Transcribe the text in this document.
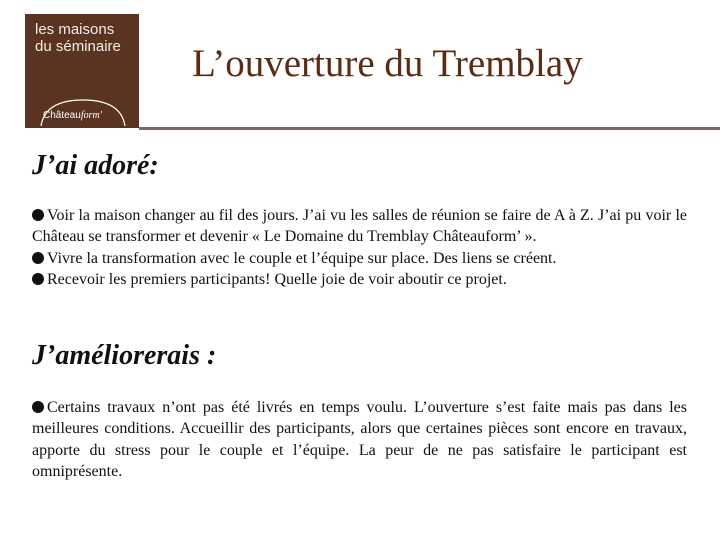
les maisons
du séminaire
Châteauform'
L’ouverture du Tremblay
J’ai adoré:
Voir la maison changer au fil des jours. J’ai vu les salles de réunion se faire de A à Z. J’ai pu voir le Château se transformer et devenir « Le Domaine du Tremblay Châteauform’ ».
Vivre la transformation avec le couple et l’équipe sur place. Des liens se créent.
Recevoir les premiers participants! Quelle joie de voir aboutir ce projet.
J’améliorerais :
Certains travaux n’ont pas été livrés en temps voulu. L’ouverture s’est faite mais pas dans les meilleures conditions. Accueillir des participants, alors que certaines pièces sont encore en travaux, apporte du stress pour le couple et l’équipe. La peur de ne pas satisfaire le participant est omniprésente.
